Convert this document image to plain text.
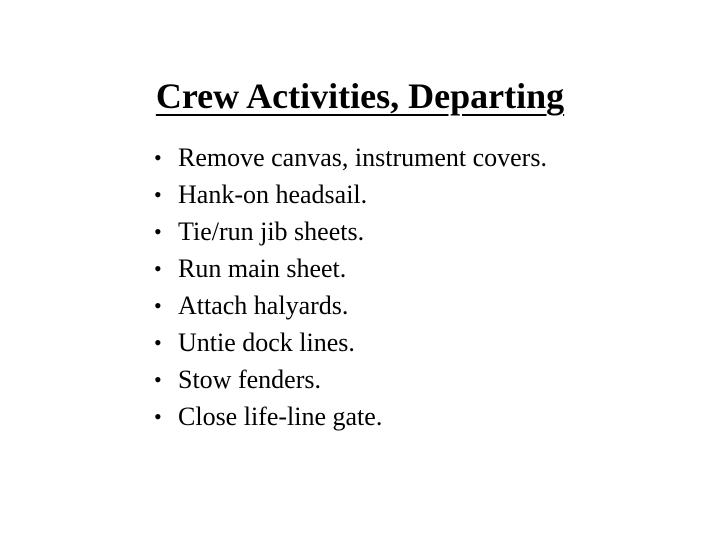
Crew Activities, Departing
• Remove canvas, instrument covers.
• Hank-on headsail.
• Tie/run jib sheets.
• Run main sheet.
• Attach halyards.
• Untie dock lines.
• Stow fenders.
• Close life-line gate.
